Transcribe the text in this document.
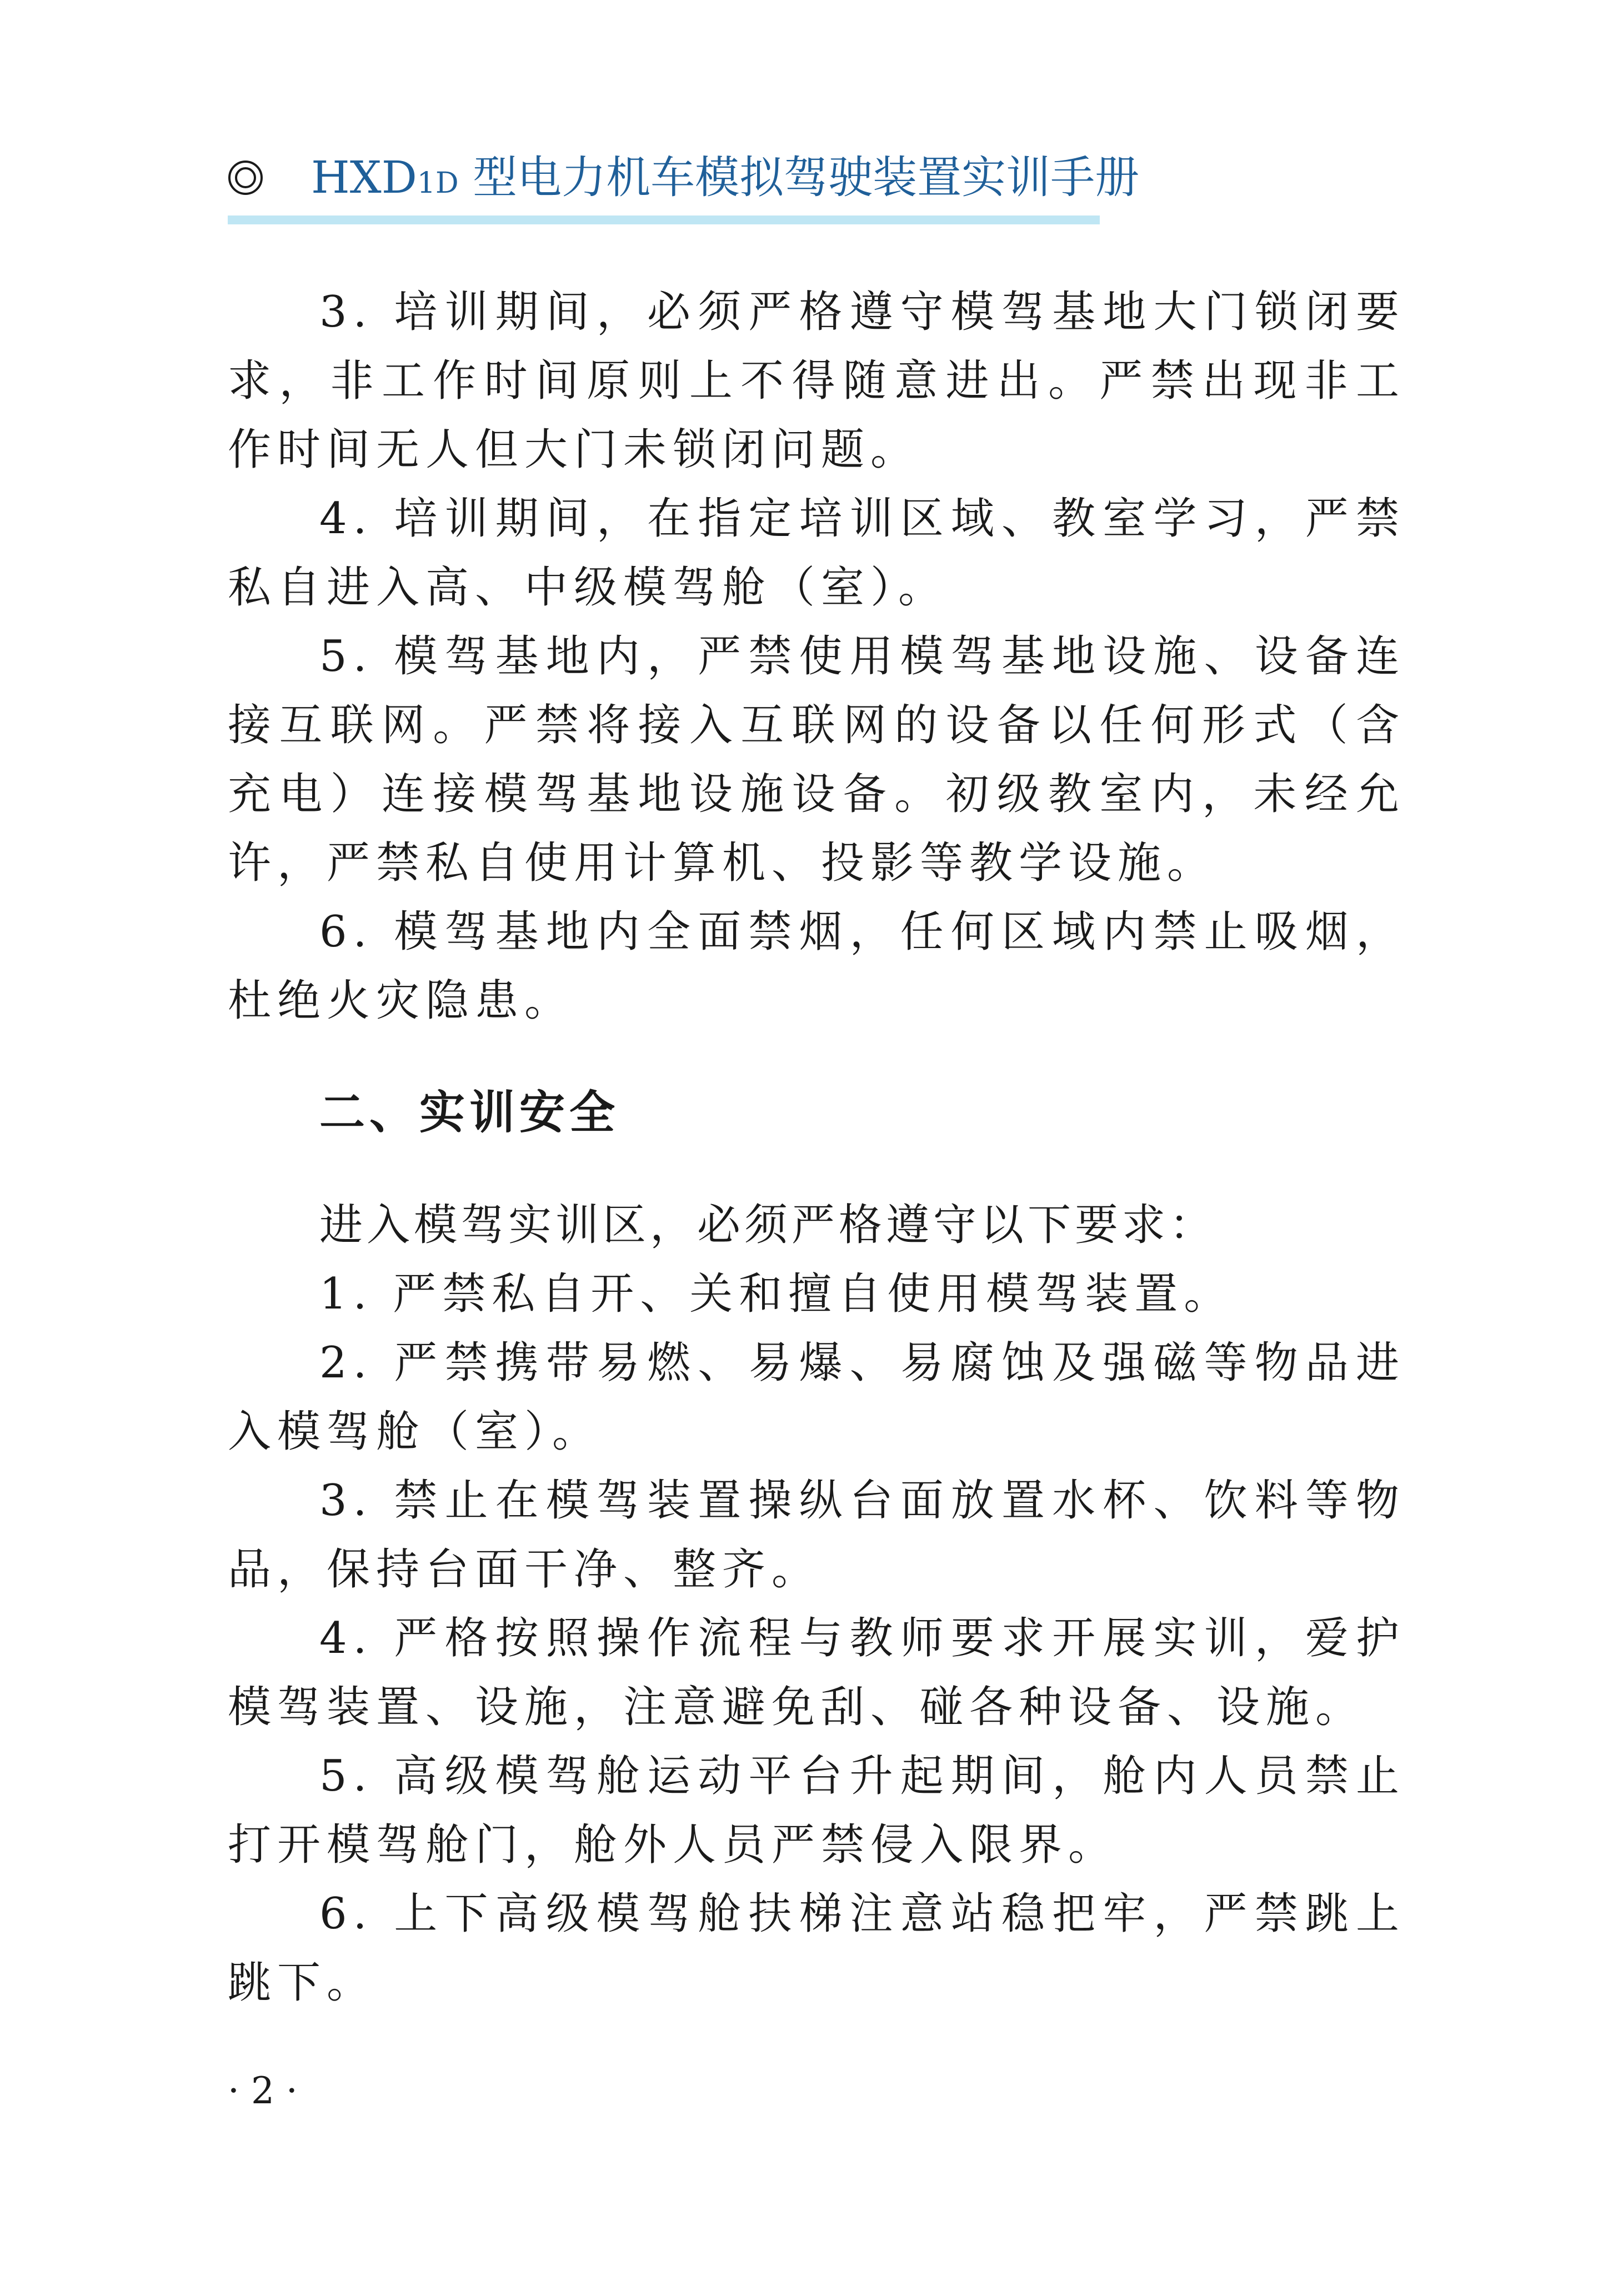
HXD1D 型电力机车模拟驾驶装置实训手册

3. 培训期间，必须严格遵守模驾基地大门锁闭要求，非工作时间原则上不得随意进出。严禁出现非工作时间无人但大门未锁闭问题。

4. 培训期间，在指定培训区域、教室学习，严禁私自进入高、中级模驾舱（室）。

5. 模驾基地内，严禁使用模驾基地设施、设备连接互联网。严禁将接入互联网的设备以任何形式（含充电）连接模驾基地设施设备。初级教室内，未经允许，严禁私自使用计算机、投影等教学设施。

6. 模驾基地内全面禁烟，任何区域内禁止吸烟，杜绝火灾隐患。

二、实训安全

进入模驾实训区，必须严格遵守以下要求：

1. 严禁私自开、关和擅自使用模驾装置。

2. 严禁携带易燃、易爆、易腐蚀及强磁等物品进入模驾舱（室）。

3. 禁止在模驾装置操纵台面放置水杯、饮料等物品，保持台面干净、整齐。

4. 严格按照操作流程与教师要求开展实训，爱护模驾装置、设施，注意避免刮、碰各种设备、设施。

5. 高级模驾舱运动平台升起期间，舱内人员禁止打开模驾舱门，舱外人员严禁侵入限界。

6. 上下高级模驾舱扶梯注意站稳把牢，严禁跳上跳下。

· 2 ·
